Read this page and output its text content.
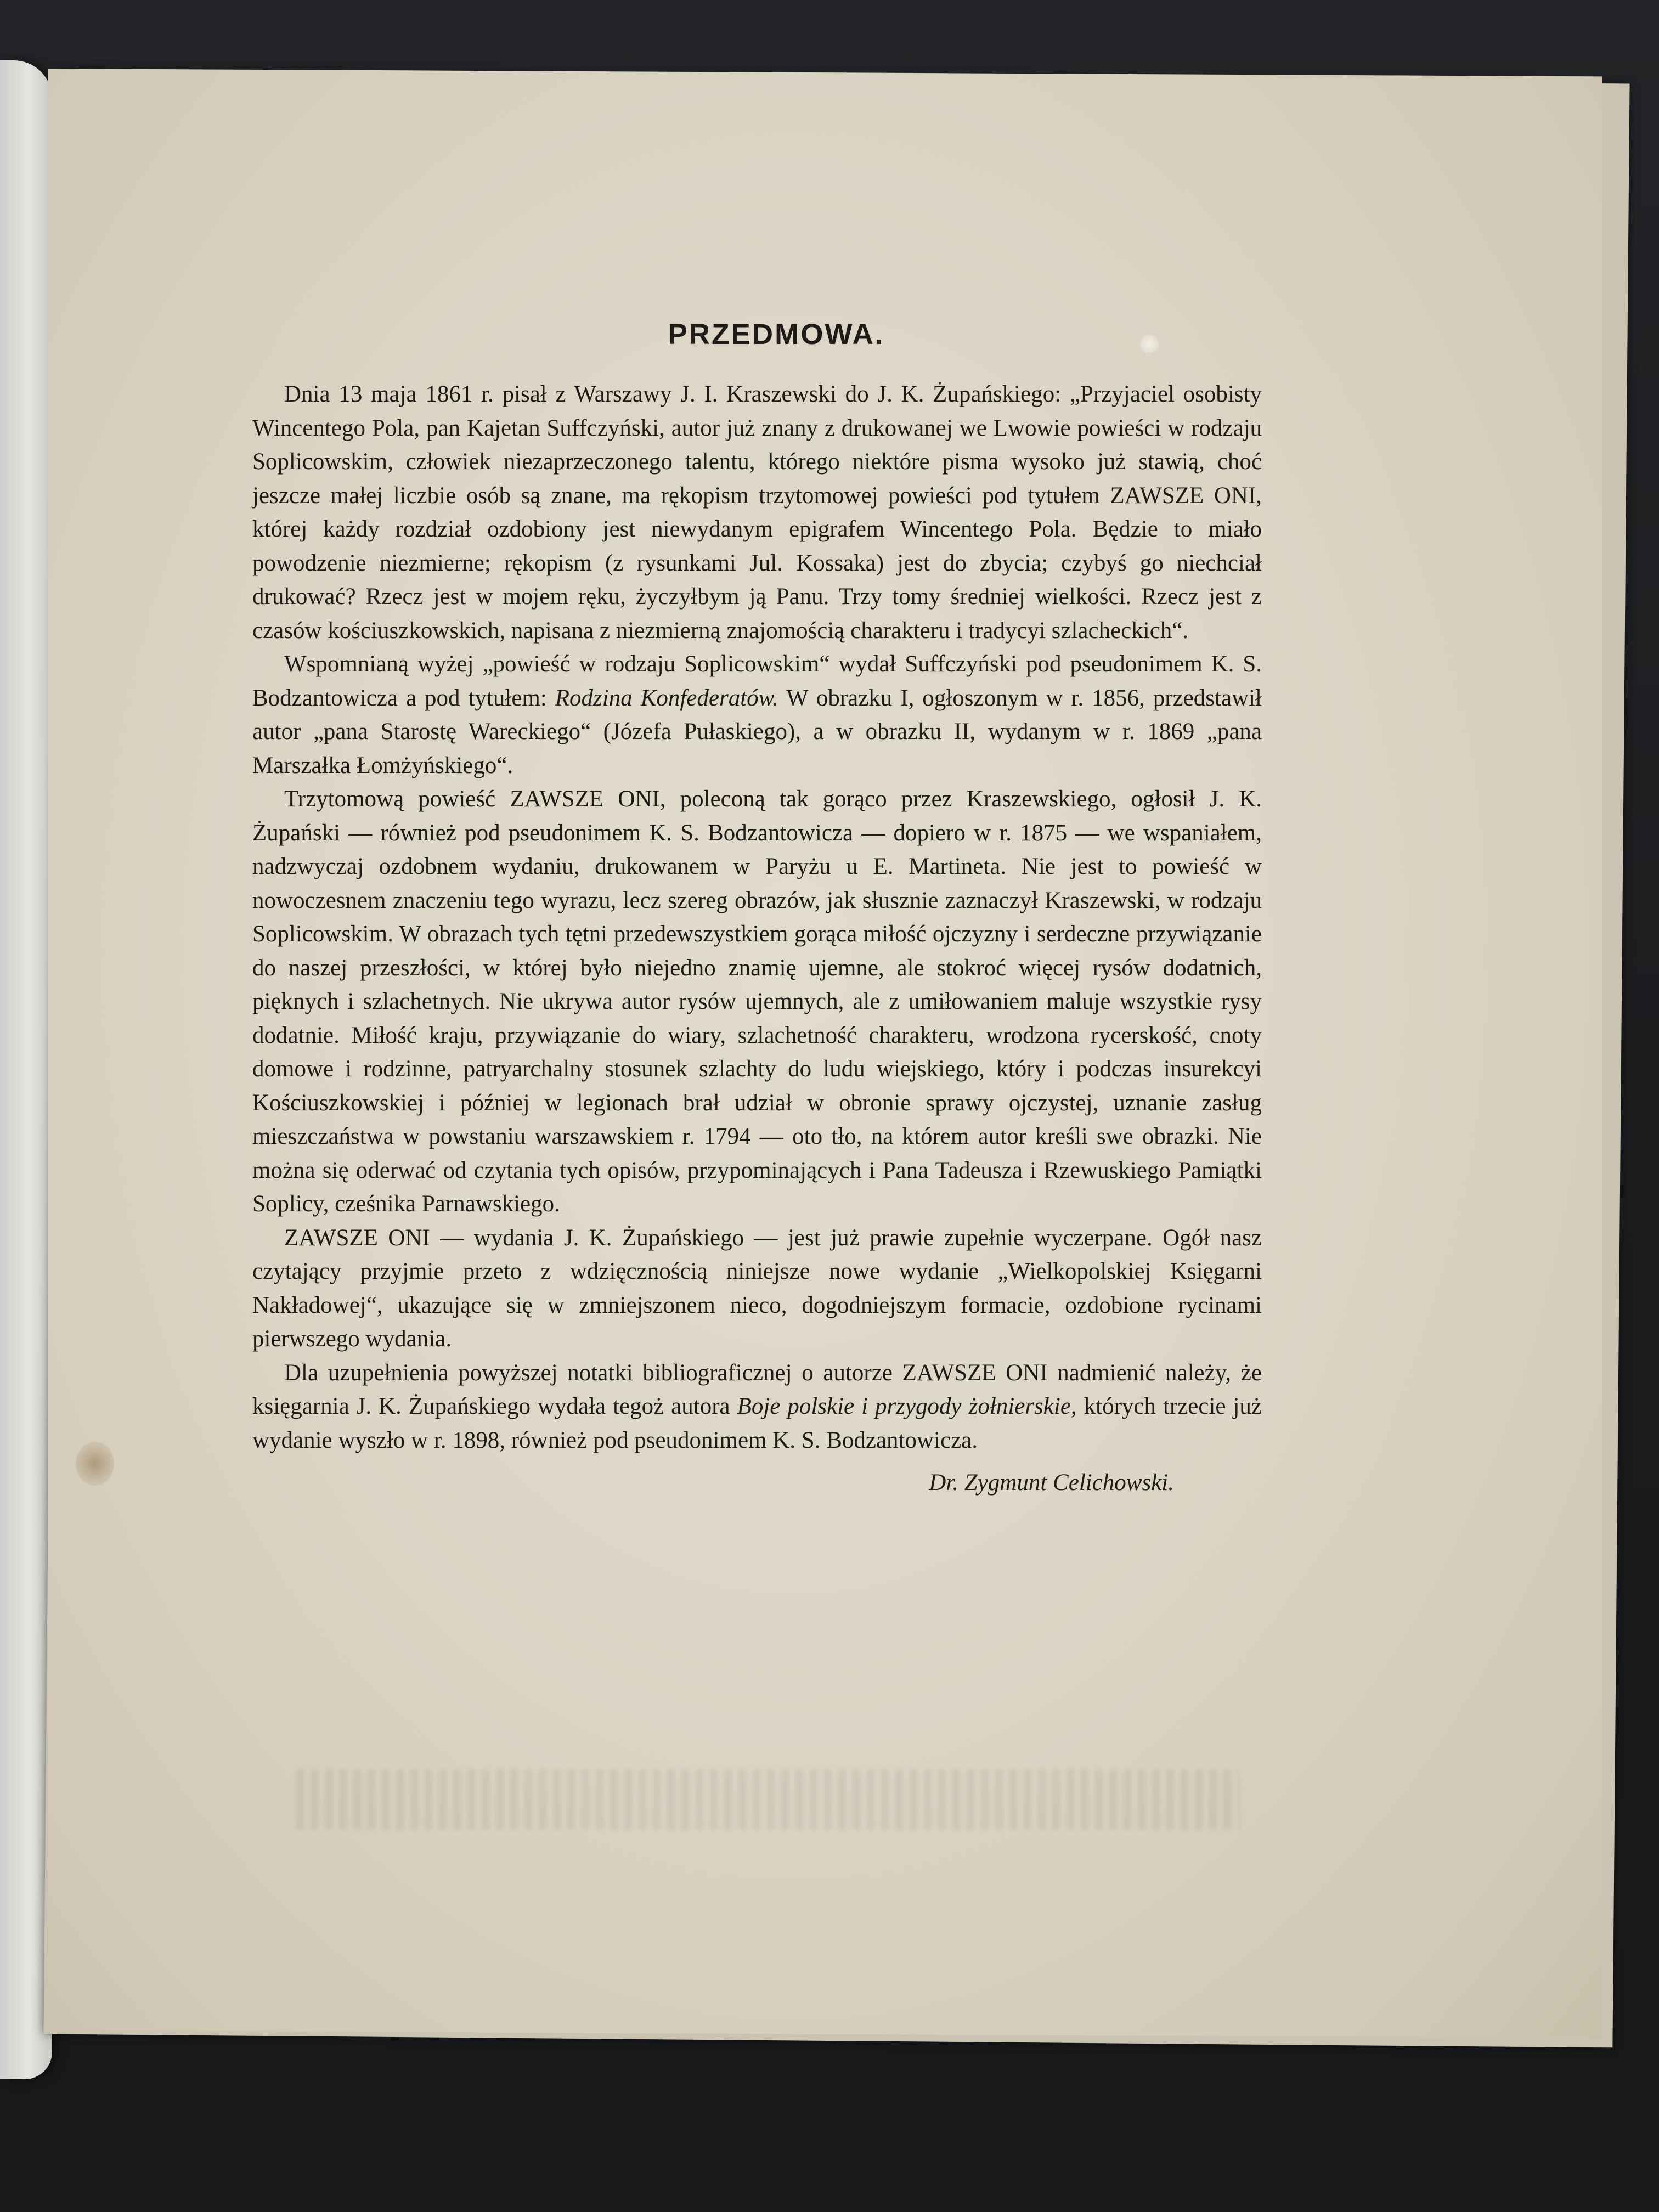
PRZEDMOWA.

Dnia 13 maja 1861 r. pisał z Warszawy J. I. Kraszewski do J. K. Żupańskiego: „Przyjaciel osobisty Wincentego Pola, pan Kajetan Suffczyński, autor już znany z drukowanej we Lwowie powieści w rodzaju Soplicowskim, człowiek niezaprzeczonego talentu, którego niektóre pisma wysoko już stawią, choć jeszcze małej liczbie osób są znane, ma rękopism trzytomowej powieści pod tytułem ZAWSZE ONI, której każdy rozdział ozdobiony jest niewydanym epigrafem Wincentego Pola. Będzie to miało powodzenie niezmierne; rękopism (z rysunkami Jul. Kossaka) jest do zbycia; czybyś go niechciał drukować? Rzecz jest w mojem ręku, życzyłbym ją Panu. Trzy tomy średniej wielkości. Rzecz jest z czasów kościuszkowskich, napisana z niezmierną znajomością charakteru i tradycyi szlacheckich“.

Wspomnianą wyżej „powieść w rodzaju Soplicowskim“ wydał Suffczyński pod pseudonimem K. S. Bodzantowicza a pod tytułem: Rodzina Konfederatów. W obrazku I, ogłoszonym w r. 1856, przedstawił autor „pana Starostę Wareckiego“ (Józefa Pułaskiego), a w obrazku II, wydanym w r. 1869 „pana Marszałka Łomżyńskiego“.

Trzytomową powieść ZAWSZE ONI, poleconą tak gorąco przez Kraszewskiego, ogłosił J. K. Żupański — również pod pseudonimem K. S. Bodzantowicza — dopiero w r. 1875 — we wspaniałem, nadzwyczaj ozdobnem wydaniu, drukowanem w Paryżu u E. Martineta. Nie jest to powieść w nowoczesnem znaczeniu tego wyrazu, lecz szereg obrazów, jak słusznie zaznaczył Kraszewski, w rodzaju Soplicowskim. W obrazach tych tętni przedewszystkiem gorąca miłość ojczyzny i serdeczne przywiązanie do naszej przeszłości, w której było niejedno znamię ujemne, ale stokroć więcej rysów dodatnich, pięknych i szlachetnych. Nie ukrywa autor rysów ujemnych, ale z umiłowaniem maluje wszystkie rysy dodatnie. Miłość kraju, przywiązanie do wiary, szlachetność charakteru, wrodzona rycerskość, cnoty domowe i rodzinne, patryarchalny stosunek szlachty do ludu wiejskiego, który i podczas insurekcyi Kościuszkowskiej i później w legionach brał udział w obronie sprawy ojczystej, uznanie zasług mieszczaństwa w powstaniu warszawskiem r. 1794 — oto tło, na którem autor kreśli swe obrazki. Nie można się oderwać od czytania tych opisów, przypominających i Pana Tadeusza i Rzewuskiego Pamiątki Soplicy, cześnika Parnawskiego.

ZAWSZE ONI — wydania J. K. Żupańskiego — jest już prawie zupełnie wyczerpane. Ogół nasz czytający przyjmie przeto z wdzięcznością niniejsze nowe wydanie „Wielkopolskiej Księgarni Nakładowej“, ukazujące się w zmniejszonem nieco, dogodniejszym formacie, ozdobione rycinami pierwszego wydania.

Dla uzupełnienia powyższej notatki bibliograficznej o autorze ZAWSZE ONI nadmienić należy, że księgarnia J. K. Żupańskiego wydała tegoż autora Boje polskie i przygody żołnierskie, których trzecie już wydanie wyszło w r. 1898, również pod pseudonimem K. S. Bodzantowicza.

Dr. Zygmunt Celichowski.
